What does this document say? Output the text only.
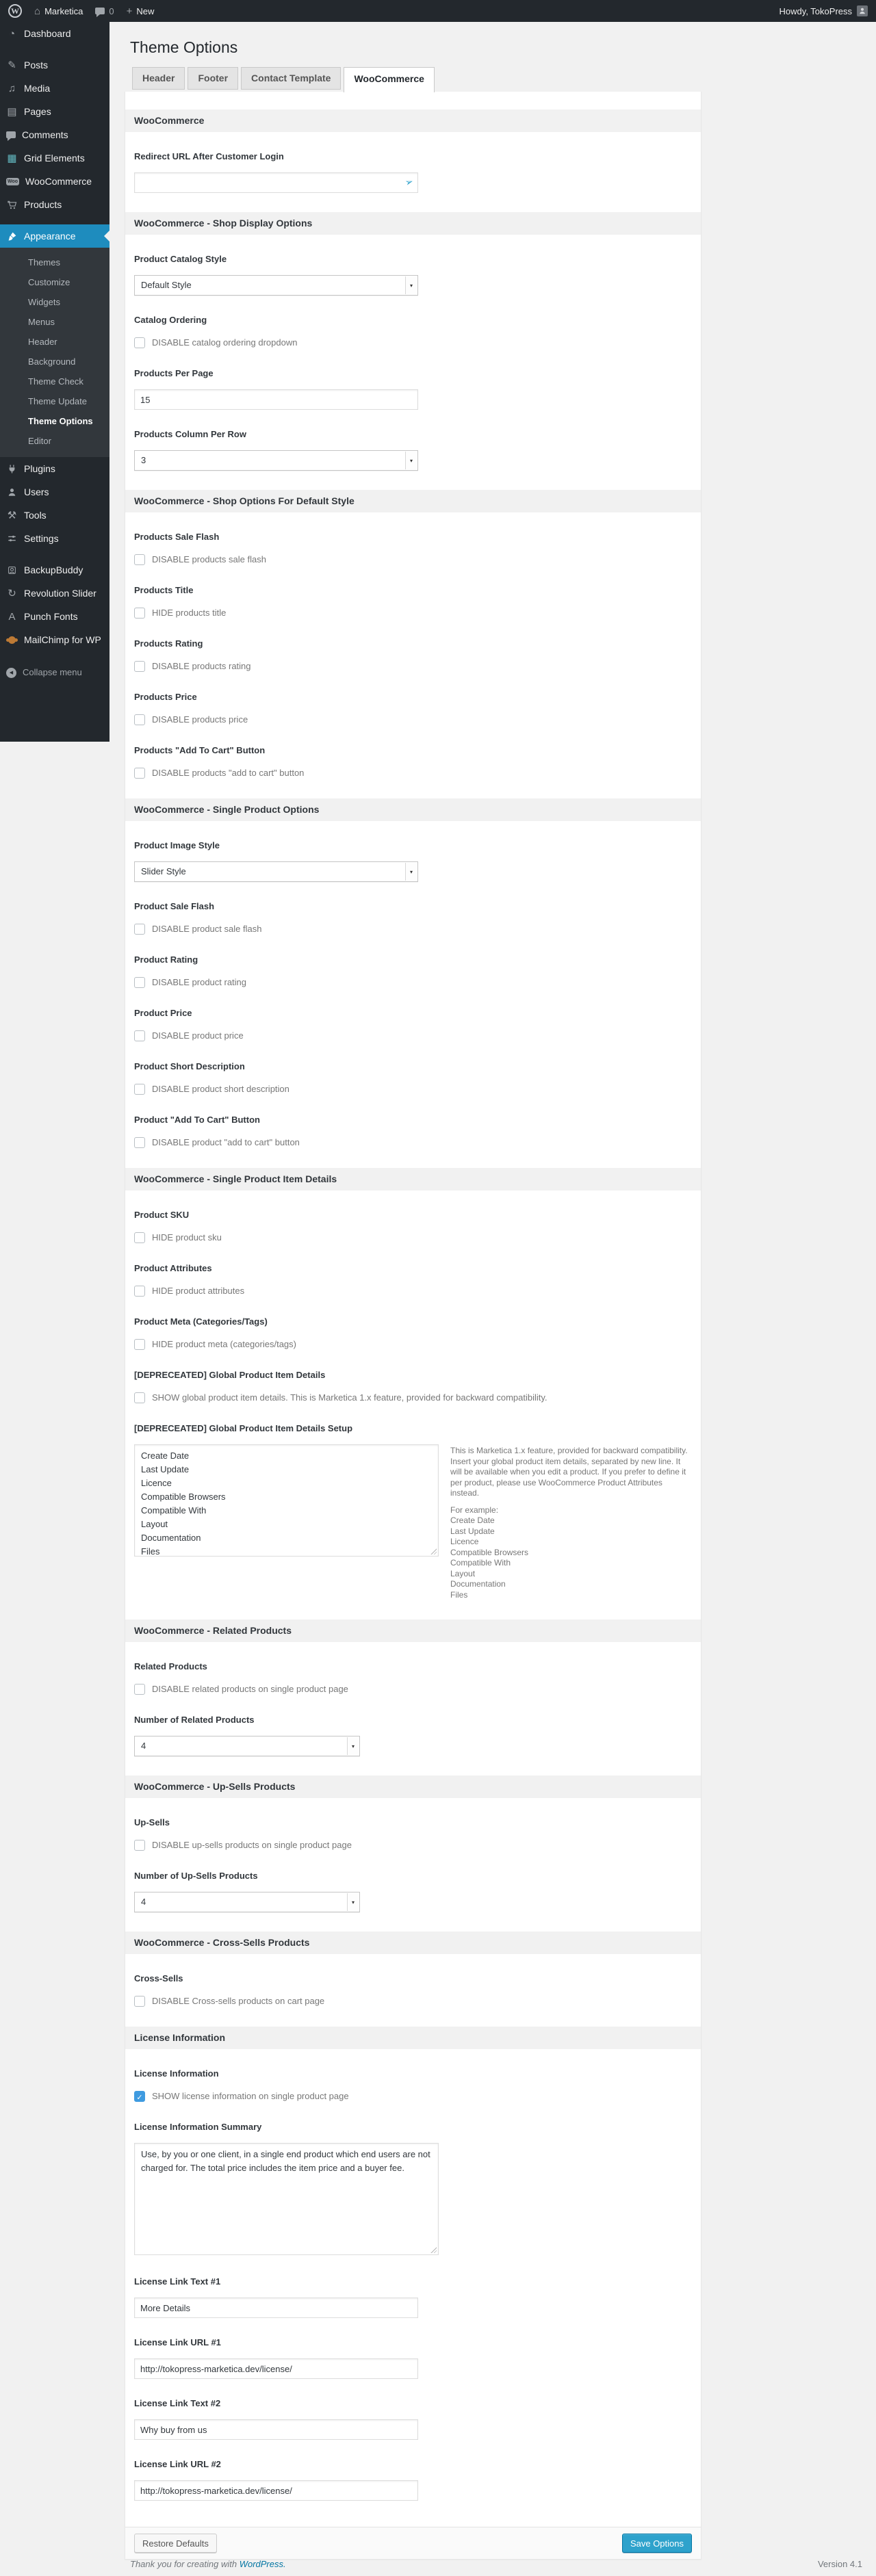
W ⌂ Marketica	0 + New	Howdy, TokoPress
◔ Dashboard
✎ Posts
♫ Media
▤ Pages
Comments
▦ Grid Elements
Woo WooCommerce
Products
Appearance
Themes
Customize
Widgets
Menus
Header
Background
Theme Check
Theme Update
Theme Options
Editor
Plugins
Users
⚒ Tools
Settings
BackupBuddy
↻ Revolution Slider
A Punch Fonts
MailChimp for WP
◀	Collapse menu
Theme Options
Header	Footer	Contact Template	WooCommerce
WooCommerce
Redirect URL After Customer Login
➢
WooCommerce - Shop Display Options
Product Catalog Style
Default Style	▾
Catalog Ordering
DISABLE catalog ordering dropdown
Products Per Page
15
Products Column Per Row
3	▾
WooCommerce - Shop Options For Default Style
Products Sale Flash
DISABLE products sale flash
Products Title
HIDE products title
Products Rating
DISABLE products rating
Products Price
DISABLE products price
Products "Add To Cart" Button
DISABLE products "add to cart" button
WooCommerce - Single Product Options
Product Image Style
Slider Style	▾
Product Sale Flash
DISABLE product sale flash
Product Rating
DISABLE product rating
Product Price
DISABLE product price
Product Short Description
DISABLE product short description
Product "Add To Cart" Button
DISABLE product "add to cart" button
WooCommerce - Single Product Item Details
Product SKU
HIDE product sku
Product Attributes
HIDE product attributes
Product Meta (Categories/Tags)
HIDE product meta (categories/tags)
[DEPRECEATED] Global Product Item Details
SHOW global product item details. This is Marketica 1.x feature, provided for backward compatibility.
[DEPRECEATED] Global Product Item Details Setup
Create Date Last Update Licence Compatible Browsers Compatible With Layout Documentation Files
This is Marketica 1.x feature, provided for backward compatibility. Insert your global product item details, separated by new line. It will be available when you edit a product. If you prefer to define it per product, please use WooCommerce Product Attributes instead.
For example:
Create Date
Last Update
Licence
Compatible Browsers
Compatible With
Layout
Documentation
Files
WooCommerce - Related Products
Related Products
DISABLE related products on single product page
Number of Related Products
4	▾
WooCommerce - Up-Sells Products
Up-Sells
DISABLE up-sells products on single product page
Number of Up-Sells Products
4	▾
WooCommerce - Cross-Sells Products
Cross-Sells
DISABLE Cross-sells products on cart page
License Information
License Information
✓ SHOW license information on single product page
License Information Summary
Use, by you or one client, in a single end product which end users are not charged for. The total price includes the item price and a buyer fee.
License Link Text #1
More Details
License Link URL #1
http://tokopress-marketica.dev/license/
License Link Text #2
Why buy from us
License Link URL #2
http://tokopress-marketica.dev/license/
Restore Defaults	Save Options
Thank you for creating with WordPress.	Version 4.1
